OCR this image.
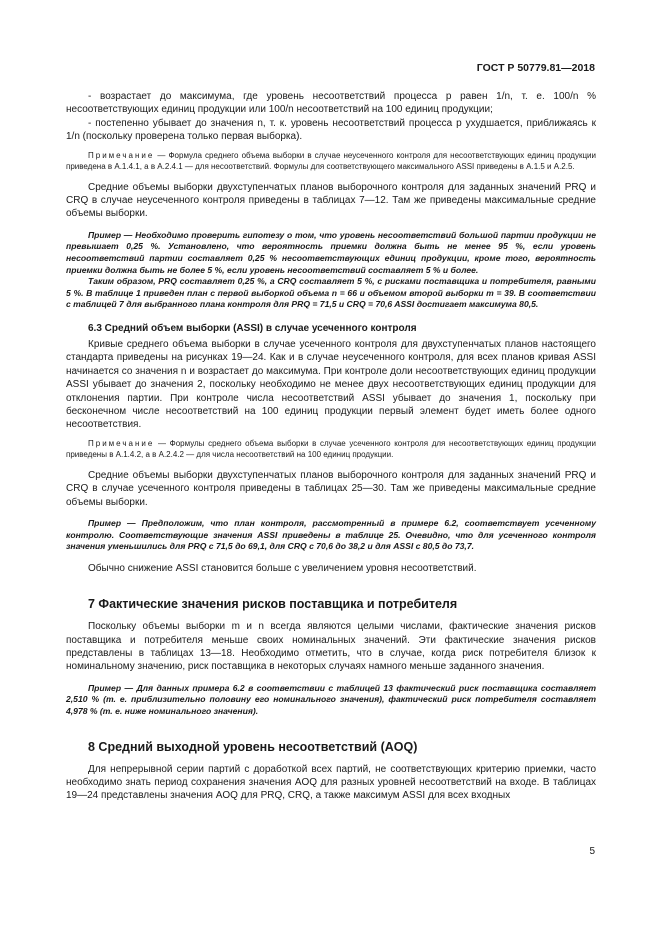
ГОСТ Р 50779.81—2018

- возрастает до максимума, где уровень несоответствий процесса p равен 1/n, т. е. 100/n % несоответствующих единиц продукции или 100/n несоответствий на 100 единиц продукции;

- постепенно убывает до значения n, т. к. уровень несоответствий процесса p ухудшается, приближаясь к 1/n (поскольку проверена только первая выборка).

Примечание — Формула среднего объема выборки в случае неусеченного контроля для несоответствующих единиц продукции приведена в А.1.4.1, а в А.2.4.1 — для несоответствий. Формулы для соответствующего максимального ASSI приведены в А.1.5 и А.2.5.

Средние объемы выборки двухступенчатых планов выборочного контроля для заданных значений PRQ и CRQ в случае неусеченного контроля приведены в таблицах 7—12. Там же приведены максимальные средние объемы выборки.

Пример — Необходимо проверить гипотезу о том, что уровень несоответствий большой партии продукции не превышает 0,25 %. Установлено, что вероятность приемки должна быть не менее 95 %, если уровень несоответствий партии составляет 0,25 % несоответствующих единиц продукции, кроме того, вероятность приемки должна быть не более 5 %, если уровень несоответствий составляет 5 % и более.

Таким образом, PRQ составляет 0,25 %, а CRQ составляет 5 %, с рисками поставщика и потребителя, равными 5 %. В таблице 1 приведен план с первой выборкой объема n = 66 и объемом второй выборки m = 39. В соответствии с таблицей 7 для выбранного плана контроля для PRQ = 71,5 и CRQ = 70,6 ASSI достигает максимума 80,5.

6.3 Средний объем выборки (ASSI) в случае усеченного контроля

Кривые среднего объема выборки в случае усеченного контроля для двухступенчатых планов настоящего стандарта приведены на рисунках 19—24. Как и в случае неусеченного контроля, для всех планов кривая ASSI начинается со значения n и возрастает до максимума. При контроле доли несоответствующих единиц продукции ASSI убывает до значения 2, поскольку необходимо не менее двух несоответствующих единиц продукции для отклонения партии. При контроле числа несоответствий ASSI убывает до значения 1, поскольку при бесконечном числе несоответствий на 100 единиц продукции первый элемент будет иметь более одного несоответствия.

Примечание — Формулы среднего объема выборки в случае усеченного контроля для несоответствующих единиц продукции приведены в А.1.4.2, а в А.2.4.2 — для числа несоответствий на 100 единиц продукции.

Средние объемы выборки двухступенчатых планов выборочного контроля для заданных значений PRQ и CRQ в случае усеченного контроля приведены в таблицах 25—30. Там же приведены максимальные средние объемы выборки.

Пример — Предположим, что план контроля, рассмотренный в примере 6.2, соответствует усеченному контролю. Соответствующие значения ASSI приведены в таблице 25. Очевидно, что для усеченного контроля значения уменьшились для PRQ с 71,5 до 69,1, для CRQ с 70,6 до 38,2 и для ASSI с 80,5 до 73,7.

Обычно снижение ASSI становится больше с увеличением уровня несоответствий.

7 Фактические значения рисков поставщика и потребителя

Поскольку объемы выборки m и n всегда являются целыми числами, фактические значения рисков поставщика и потребителя меньше своих номинальных значений. Эти фактические значения рисков представлены в таблицах 13—18. Необходимо отметить, что в случае, когда риск потребителя близок к номинальному значению, риск поставщика в некоторых случаях намного меньше заданного значения.

Пример — Для данных примера 6.2 в соответствии с таблицей 13 фактический риск поставщика составляет 2,510 % (т. е. приблизительно половину его номинального значения), фактический риск потребителя составляет 4,978 % (т. е. ниже номинального значения).

8 Средний выходной уровень несоответствий (AOQ)

Для непрерывной серии партий с доработкой всех партий, не соответствующих критерию приемки, часто необходимо знать период сохранения значения AOQ для разных уровней несоответствий на входе. В таблицах 19—24 представлены значения AOQ для PRQ, CRQ, а также максимум ASSI для всех входных

5
